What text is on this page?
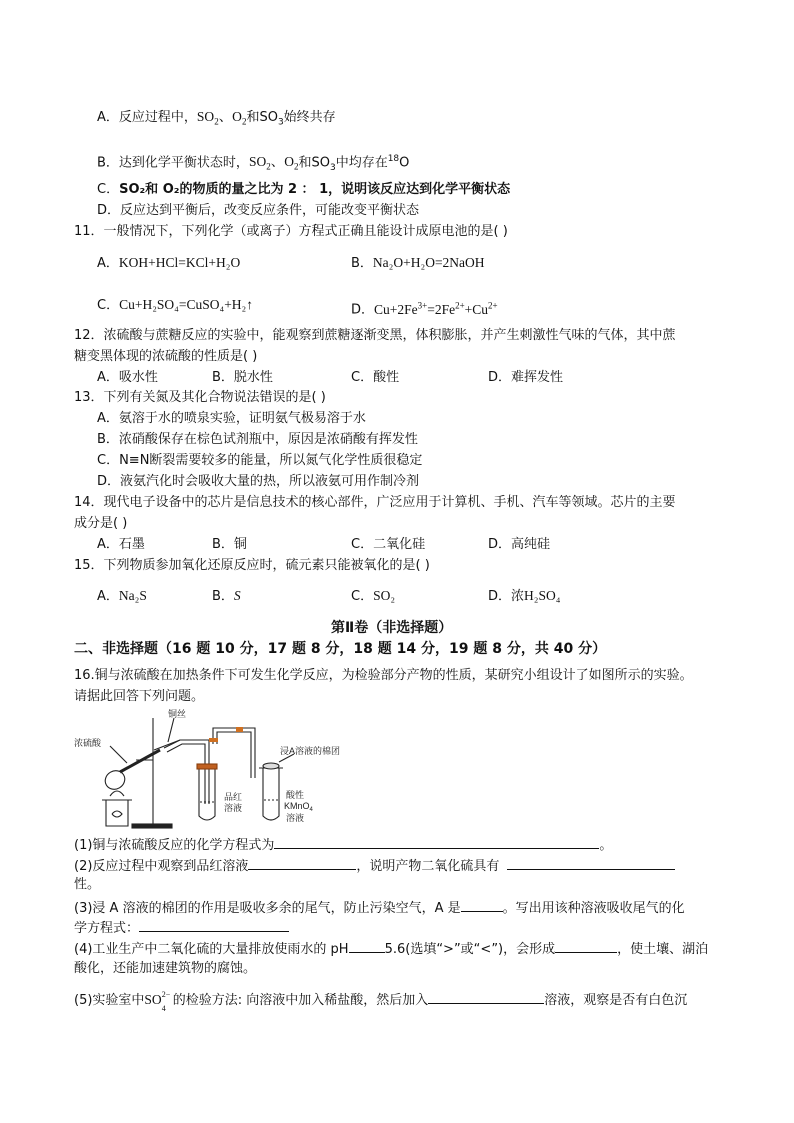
A．反应过程中，$SO_2$、$O_2$和$SO_3$始终共存
B．达到化学平衡状态时，$SO_2$、$O_2$和$SO_3$中均存在$^{18}$O
C．SO₂和 O₂的物质的量之比为 2 ： 1，说明该反应达到化学平衡状态
D．反应达到平衡后，改变反应条件，可能改变平衡状态
11．一般情况下，下列化学（或离子）方程式正确且能设计成原电池的是( )
A．KOH+HCl=KCl+H₂O	B．Na₂O+H₂O=2NaOH
C．Cu+H₂SO₄=CuSO₄+H₂↑	D．$Cu+2Fe^{3+}=2Fe^{2+}+Cu^{2+}$
12．浓硫酸与蔗糖反应的实验中，能观察到蔗糖逐渐变黑，体积膨胀，并产生刺激性气味的气体，其中蔗
糖变黑体现的浓硫酸的性质是( )
A．吸水性	B．脱水性	C．酸性	D．难挥发性
13．下列有关氮及其化合物说法错误的是( )
A．氨溶于水的喷泉实验，证明氨气极易溶于水
B．浓硝酸保存在棕色试剂瓶中，原因是浓硝酸有挥发性
C．N≡N断裂需要较多的能量，所以氮气化学性质很稳定
D．液氨汽化时会吸收大量的热，所以液氨可用作制冷剂
14．现代电子设备中的芯片是信息技术的核心部件，广泛应用于计算机、手机、汽车等领域。芯片的主要
成分是( )
A．石墨	B．铜	C．二氧化硅	D．高纯硅
15．下列物质参加氧化还原反应时，硫元素只能被氧化的是( )
A．Na₂S	B．S	C．SO₂	D．浓H₂SO₄
第Ⅱ卷（非选择题）
二、非选择题（16 题 10 分，17 题 8 分，18 题 14 分，19 题 8 分，共 40 分）
16.铜与浓硫酸在加热条件下可发生化学反应，为检验部分产物的性质，某研究小组设计了如图所示的实验。
请据此回答下列问题。
铜丝
浓硫酸
浸A溶液的棉团
品红
溶液
酸性
KMnO$_4$
溶液
(1)铜与浓硫酸反应的化学方程式为	。
(2)反应过程中观察到品红溶液	，说明产物二氧化硫具有
性。
(3)浸 A 溶液的棉团的作用是吸收多余的尾气，防止污染空气，A 是	。写出用该种溶液吸收尾气的化
学方程式：
(4)工业生产中二氧化硫的大量排放使雨水的 pH	5.6(选填“>”或“<”)，会形成	，使土壤、湖泊
酸化，还能加速建筑物的腐蚀。
(5)实验室中SO 2−
4
的检验方法: 向溶液中加入稀盐酸，然后加入	溶液，观察是否有白色沉
